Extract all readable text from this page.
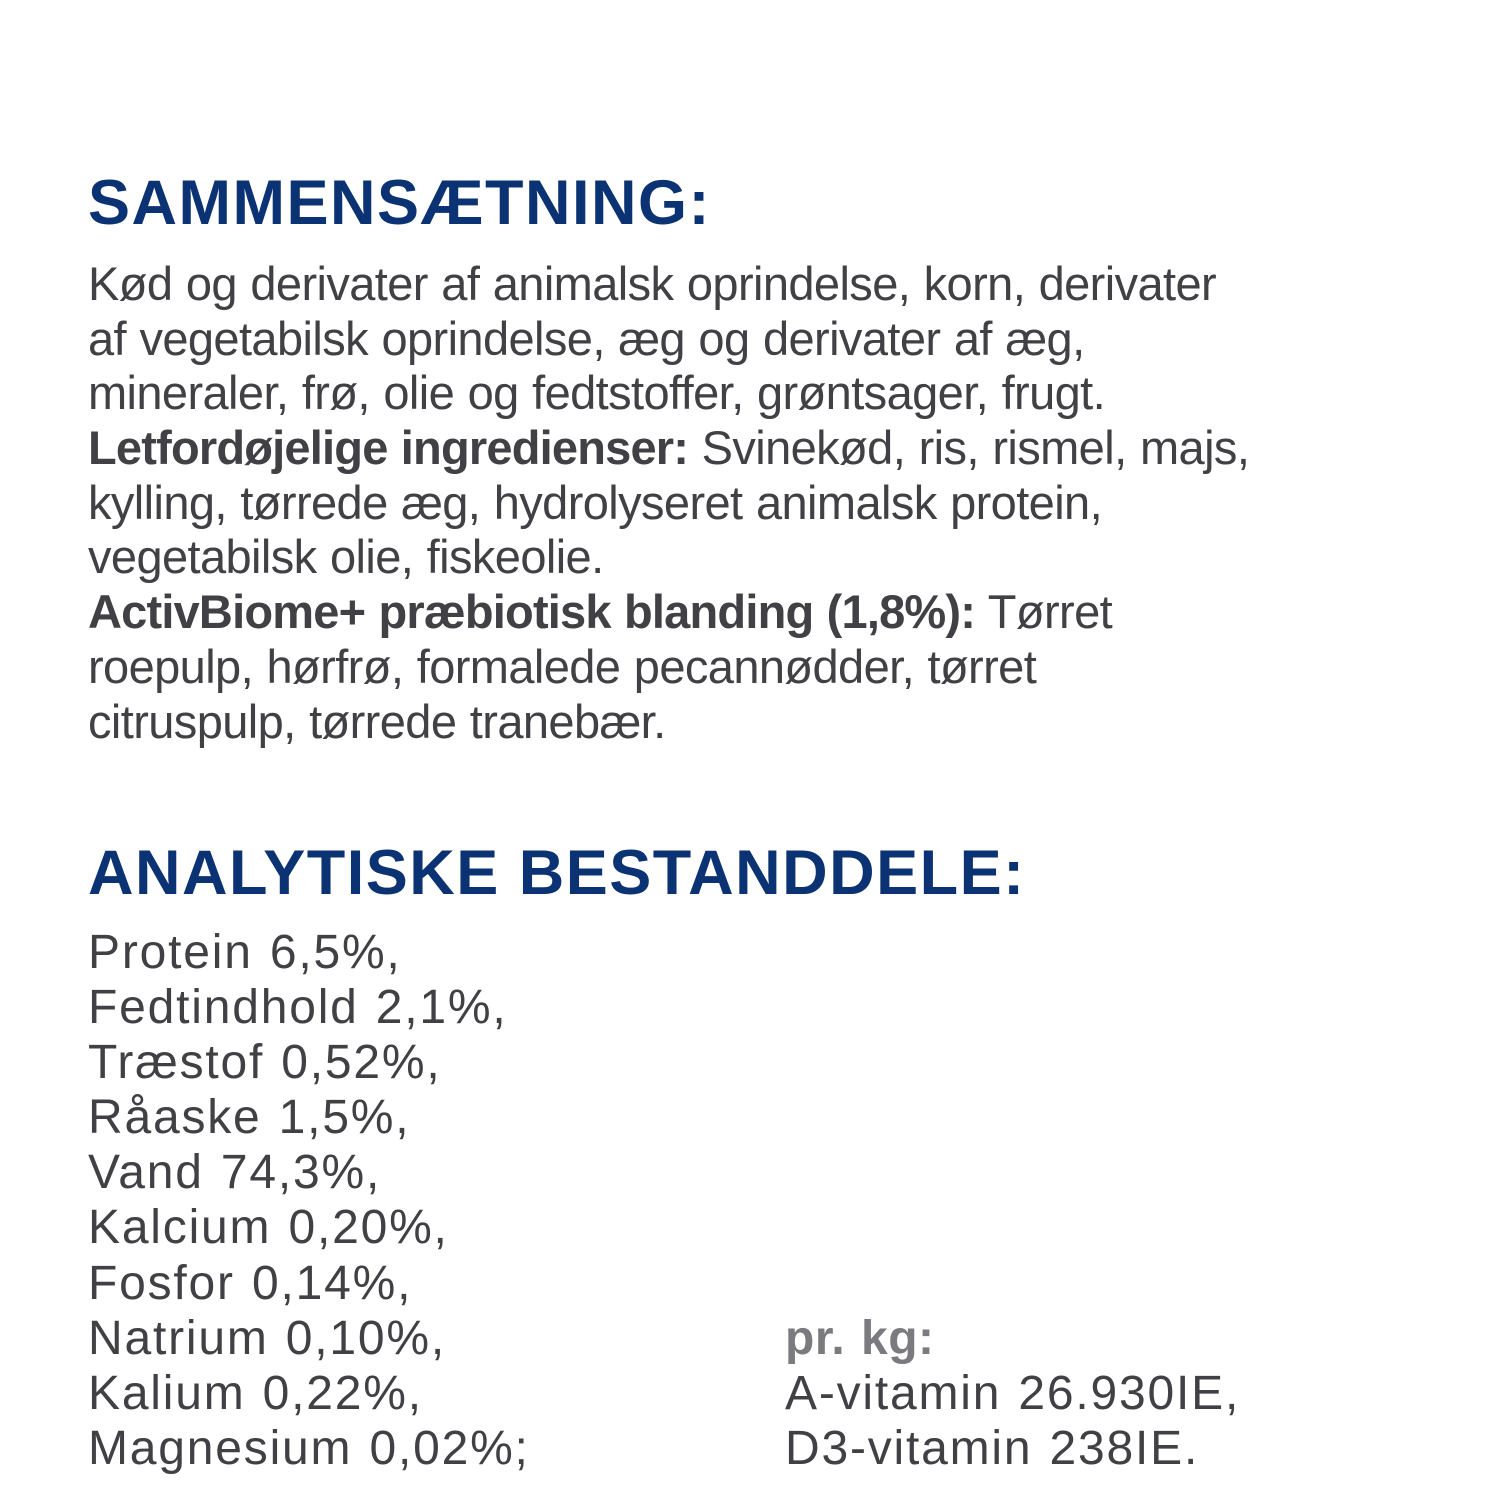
SAMMENSÆTNING:
Kød og derivater af animalsk oprindelse, korn, derivater
af vegetabilsk oprindelse, æg og derivater af æg,
mineraler, frø, olie og fedtstoffer, grøntsager, frugt.
Letfordøjelige ingredienser: Svinekød, ris, rismel, majs,
kylling, tørrede æg, hydrolyseret animalsk protein,
vegetabilsk olie, fiskeolie.
ActivBiome+ præbiotisk blanding (1,8%): Tørret
roepulp, hørfrø, formalede pecannødder, tørret
citruspulp, tørrede tranebær.
ANALYTISKE BESTANDDELE:
Protein 6,5%,
Fedtindhold 2,1%,
Træstof 0,52%,
Råaske 1,5%,
Vand 74,3%,
Kalcium 0,20%,
Fosfor 0,14%,
Natrium 0,10%,
Kalium 0,22%,
Magnesium 0,02%;
pr. kg:
A-vitamin 26.930IE,
D3-vitamin 238IE.
